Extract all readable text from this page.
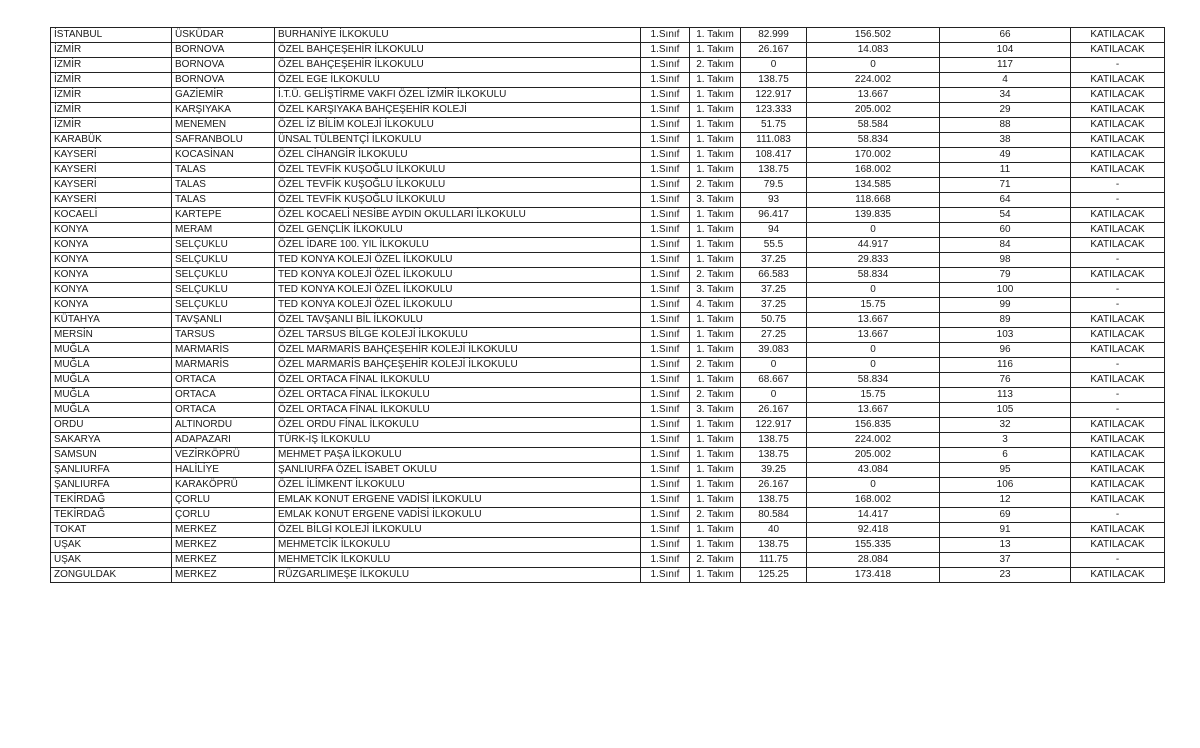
İSTANBUL	ÜSKÜDAR	BURHANİYE İLKOKULU	1.Sınıf	1. Takım	82.999	156.502	66	KATILACAK
İZMİR	BORNOVA	ÖZEL BAHÇEŞEHİR İLKOKULU	1.Sınıf	1. Takım	26.167	14.083	104	KATILACAK
İZMİR	BORNOVA	ÖZEL BAHÇEŞEHİR İLKOKULU	1.Sınıf	2. Takım	0	0	117	-
İZMİR	BORNOVA	ÖZEL EGE İLKOKULU	1.Sınıf	1. Takım	138.75	224.002	4	KATILACAK
İZMİR	GAZİEMİR	İ.T.Ü. GELİŞTİRME VAKFI ÖZEL İZMİR İLKOKULU	1.Sınıf	1. Takım	122.917	13.667	34	KATILACAK
İZMİR	KARŞIYAKA	ÖZEL KARŞIYAKA BAHÇEŞEHİR KOLEJİ	1.Sınıf	1. Takım	123.333	205.002	29	KATILACAK
İZMİR	MENEMEN	ÖZEL İZ BİLİM KOLEJİ İLKOKULU	1.Sınıf	1. Takım	51.75	58.584	88	KATILACAK
KARABÜK	SAFRANBOLU	ÜNSAL TÜLBENTÇİ İLKOKULU	1.Sınıf	1. Takım	111.083	58.834	38	KATILACAK
KAYSERİ	KOCASİNAN	ÖZEL CİHANGİR İLKOKULU	1.Sınıf	1. Takım	108.417	170.002	49	KATILACAK
KAYSERİ	TALAS	ÖZEL TEVFİK KUŞOĞLU İLKOKULU	1.Sınıf	1. Takım	138.75	168.002	11	KATILACAK
KAYSERİ	TALAS	ÖZEL TEVFİK KUŞOĞLU İLKOKULU	1.Sınıf	2. Takım	79.5	134.585	71	-
KAYSERİ	TALAS	ÖZEL TEVFİK KUŞOĞLU İLKOKULU	1.Sınıf	3. Takım	93	118.668	64	-
KOCAELİ	KARTEPE	ÖZEL KOCAELİ NESİBE AYDIN OKULLARI İLKOKULU	1.Sınıf	1. Takım	96.417	139.835	54	KATILACAK
KONYA	MERAM	ÖZEL GENÇLİK İLKOKULU	1.Sınıf	1. Takım	94	0	60	KATILACAK
KONYA	SELÇUKLU	ÖZEL İDARE 100. YIL İLKOKULU	1.Sınıf	1. Takım	55.5	44.917	84	KATILACAK
KONYA	SELÇUKLU	TED KONYA KOLEJİ ÖZEL İLKOKULU	1.Sınıf	1. Takım	37.25	29.833	98	-
KONYA	SELÇUKLU	TED KONYA KOLEJİ ÖZEL İLKOKULU	1.Sınıf	2. Takım	66.583	58.834	79	KATILACAK
KONYA	SELÇUKLU	TED KONYA KOLEJİ ÖZEL İLKOKULU	1.Sınıf	3. Takım	37.25	0	100	-
KONYA	SELÇUKLU	TED KONYA KOLEJİ ÖZEL İLKOKULU	1.Sınıf	4. Takım	37.25	15.75	99	-
KÜTAHYA	TAVŞANLI	ÖZEL TAVŞANLI BİL İLKOKULU	1.Sınıf	1. Takım	50.75	13.667	89	KATILACAK
MERSİN	TARSUS	ÖZEL TARSUS BİLGE KOLEJİ İLKOKULU	1.Sınıf	1. Takım	27.25	13.667	103	KATILACAK
MUĞLA	MARMARİS	ÖZEL MARMARİS BAHÇEŞEHİR KOLEJİ İLKOKULU	1.Sınıf	1. Takım	39.083	0	96	KATILACAK
MUĞLA	MARMARİS	ÖZEL MARMARİS BAHÇEŞEHİR KOLEJİ İLKOKULU	1.Sınıf	2. Takım	0	0	116	-
MUĞLA	ORTACA	ÖZEL ORTACA FİNAL İLKOKULU	1.Sınıf	1. Takım	68.667	58.834	76	KATILACAK
MUĞLA	ORTACA	ÖZEL ORTACA FİNAL İLKOKULU	1.Sınıf	2. Takım	0	15.75	113	-
MUĞLA	ORTACA	ÖZEL ORTACA FİNAL İLKOKULU	1.Sınıf	3. Takım	26.167	13.667	105	-
ORDU	ALTINORDU	ÖZEL ORDU FİNAL İLKOKULU	1.Sınıf	1. Takım	122.917	156.835	32	KATILACAK
SAKARYA	ADAPAZARI	TÜRK-İŞ İLKOKULU	1.Sınıf	1. Takım	138.75	224.002	3	KATILACAK
SAMSUN	VEZİRKÖPRÜ	MEHMET PAŞA İLKOKULU	1.Sınıf	1. Takım	138.75	205.002	6	KATILACAK
ŞANLIURFA	HALİLİYE	ŞANLIURFA ÖZEL İSABET OKULU	1.Sınıf	1. Takım	39.25	43.084	95	KATILACAK
ŞANLIURFA	KARAKÖPRÜ	ÖZEL İLİMKENT İLKOKULU	1.Sınıf	1. Takım	26.167	0	106	KATILACAK
TEKİRDAĞ	ÇORLU	EMLAK KONUT ERGENE VADİSİ İLKOKULU	1.Sınıf	1. Takım	138.75	168.002	12	KATILACAK
TEKİRDAĞ	ÇORLU	EMLAK KONUT ERGENE VADİSİ İLKOKULU	1.Sınıf	2. Takım	80.584	14.417	69	-
TOKAT	MERKEZ	ÖZEL BİLGİ KOLEJİ İLKOKULU	1.Sınıf	1. Takım	40	92.418	91	KATILACAK
UŞAK	MERKEZ	MEHMETCİK İLKOKULU	1.Sınıf	1. Takım	138.75	155.335	13	KATILACAK
UŞAK	MERKEZ	MEHMETCİK İLKOKULU	1.Sınıf	2. Takım	111.75	28.084	37	-
ZONGULDAK	MERKEZ	RÜZGARLIMEŞE İLKOKULU	1.Sınıf	1. Takım	125.25	173.418	23	KATILACAK
